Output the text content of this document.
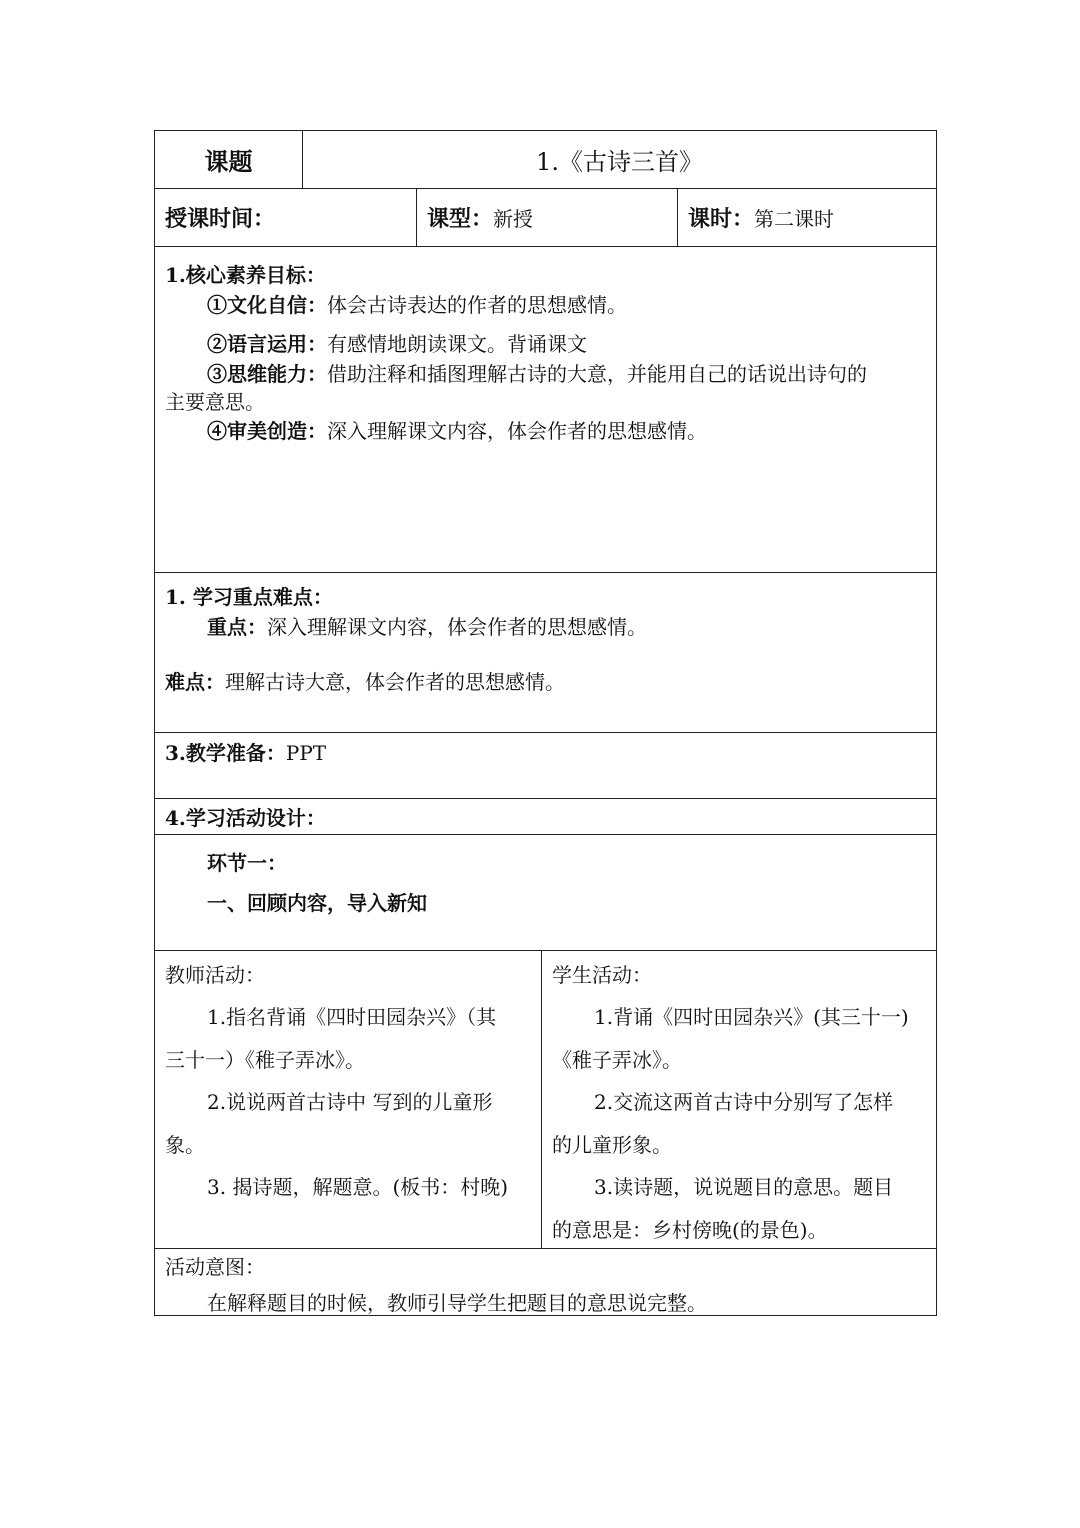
课题	1.《古诗三首》
授课时间：	课型： 新授	课时： 第二课时
1.核心素养目标：
①文化自信：体会古诗表达的作者的思想感情。
②语言运用：有感情地朗读课文。背诵课文
③思维能力：借助注释和插图理解古诗的大意，并能用自己的话说出诗句的
主要意思。
④审美创造：深入理解课文内容，体会作者的思想感情。
1. 学习重点难点：
重点：深入理解课文内容，体会作者的思想感情。
难点：理解古诗大意，体会作者的思想感情。
3.教学准备：PPT
4.学习活动设计：
环节一：
一、回顾内容，导入新知
教师活动：
1.指名背诵《四时田园杂兴》（其
三十一）《稚子弄冰》。
2.说说两首古诗中 写到的儿童形
象。
3. 揭诗题，解题意。(板书：村晚)
学生活动：
1.背诵《四时田园杂兴》(其三十一)
《稚子弄冰》。
2.交流这两首古诗中分别写了怎样
的儿童形象。
3.读诗题，说说题目的意思。题目
的意思是：乡村傍晚(的景色)。
活动意图：
在解释题目的时候，教师引导学生把题目的意思说完整。
